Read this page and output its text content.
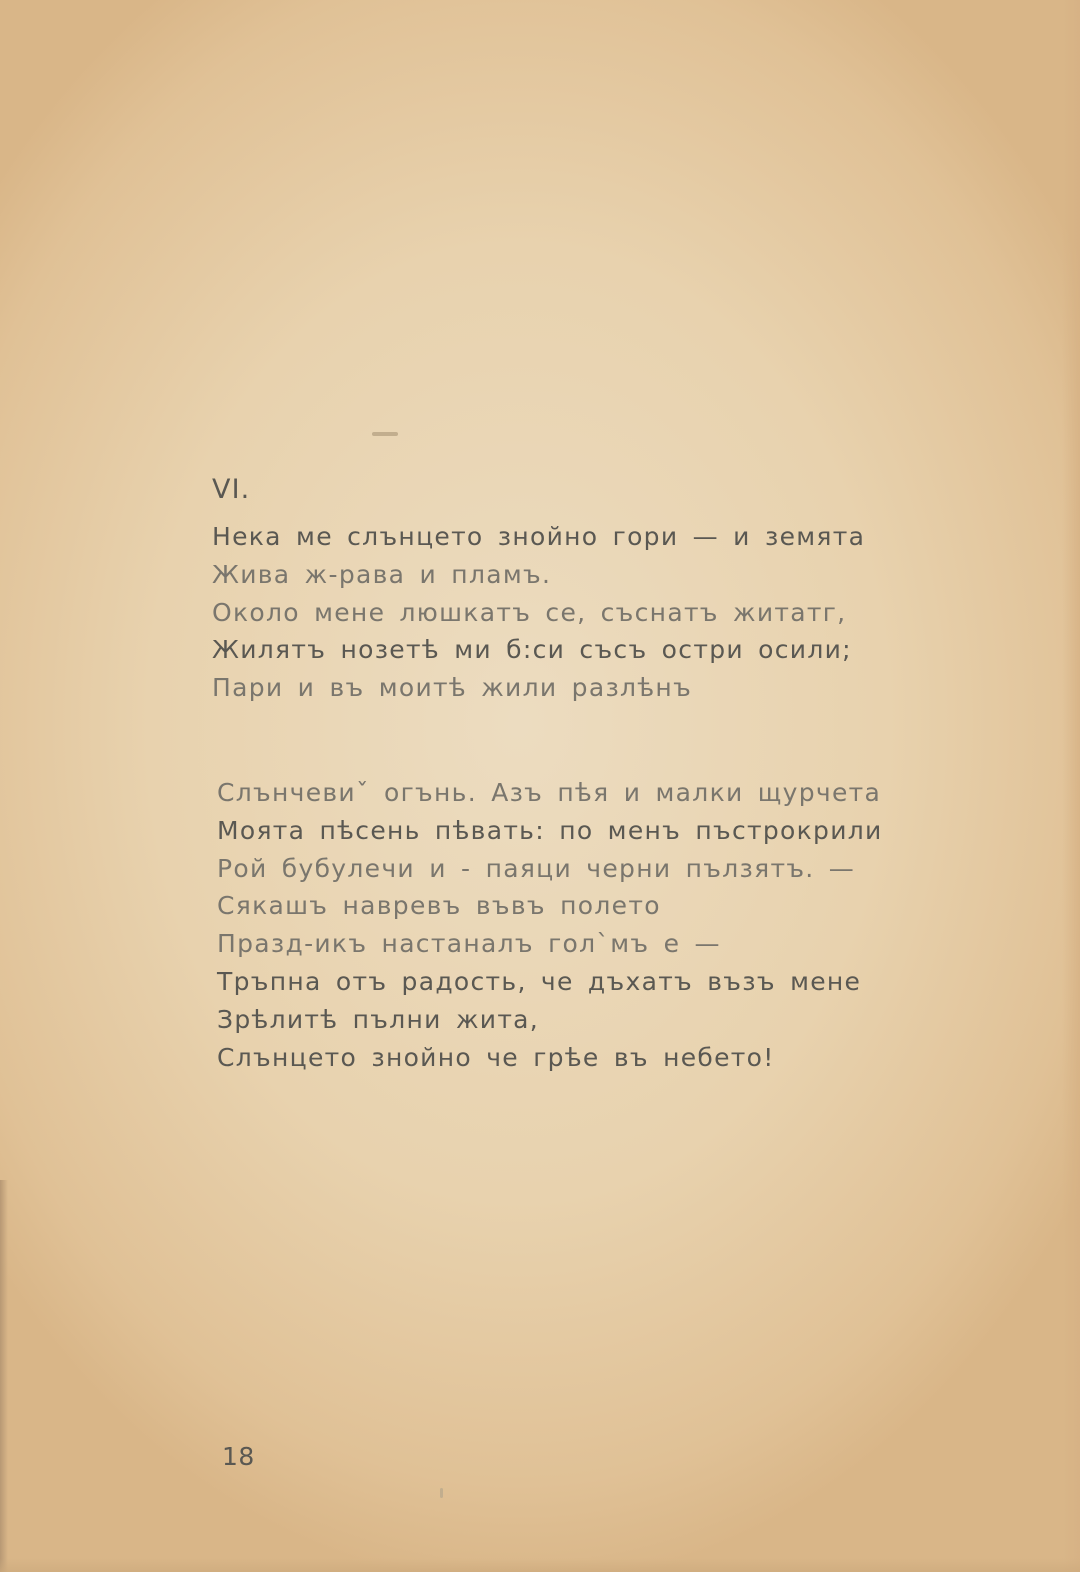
VI.
Нека ме слънцето знойно гори — и земята
Жива ж-рава и пламъ.
Около мене люшкатъ се, съснатъ житатг,
Жилятъ нозетѣ ми б:си съсъ остри осили;
Пари и въ моитѣ жили разлѣнъ
Слънчевиˇ огънь. Азъ пѣя и малки щурчета
Моята пѣсень пѣвать: по менъ пъстрокрили
Рой бубулечи и - паяци черни пълзятъ. —
Сякашъ навревъ въвъ полето
Празд-икъ настаналъ гол`мъ е —
Тръпна отъ радость, че дъхатъ възъ мене
Зрѣлитѣ пълни жита,
Слънцето знойно че грѣе въ небето!
18
